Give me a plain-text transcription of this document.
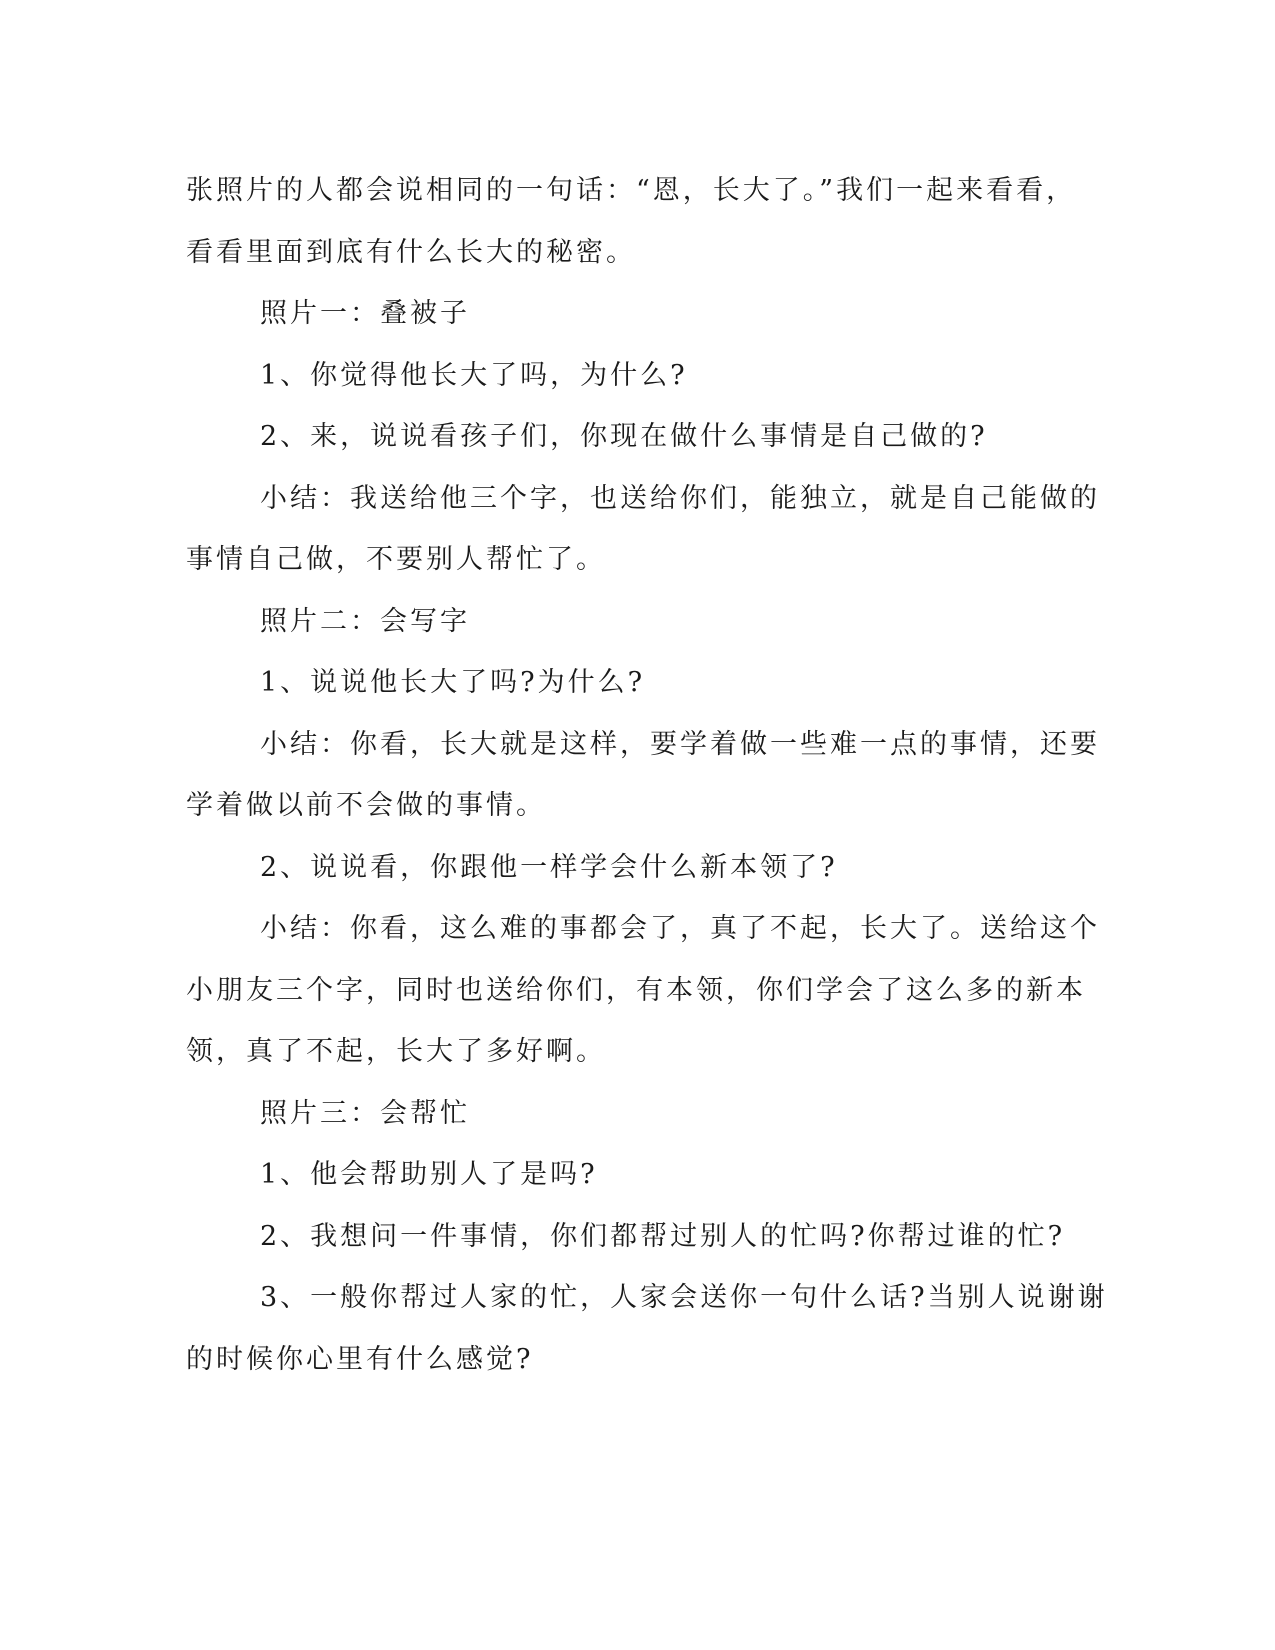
张照片的人都会说相同的一句话：“恩，长大了。”我们一起来看看，
看看里面到底有什么长大的秘密。
照片一：叠被子
1、你觉得他长大了吗，为什么?
2、来，说说看孩子们，你现在做什么事情是自己做的?
小结：我送给他三个字，也送给你们，能独立，就是自己能做的
事情自己做，不要别人帮忙了。
照片二：会写字
1、说说他长大了吗?为什么?
小结：你看，长大就是这样，要学着做一些难一点的事情，还要
学着做以前不会做的事情。
2、说说看，你跟他一样学会什么新本领了?
小结：你看，这么难的事都会了，真了不起，长大了。送给这个
小朋友三个字，同时也送给你们，有本领，你们学会了这么多的新本
领，真了不起，长大了多好啊。
照片三：会帮忙
1、他会帮助别人了是吗?
2、我想问一件事情，你们都帮过别人的忙吗?你帮过谁的忙?
3、一般你帮过人家的忙，人家会送你一句什么话?当别人说谢谢
的时候你心里有什么感觉?
